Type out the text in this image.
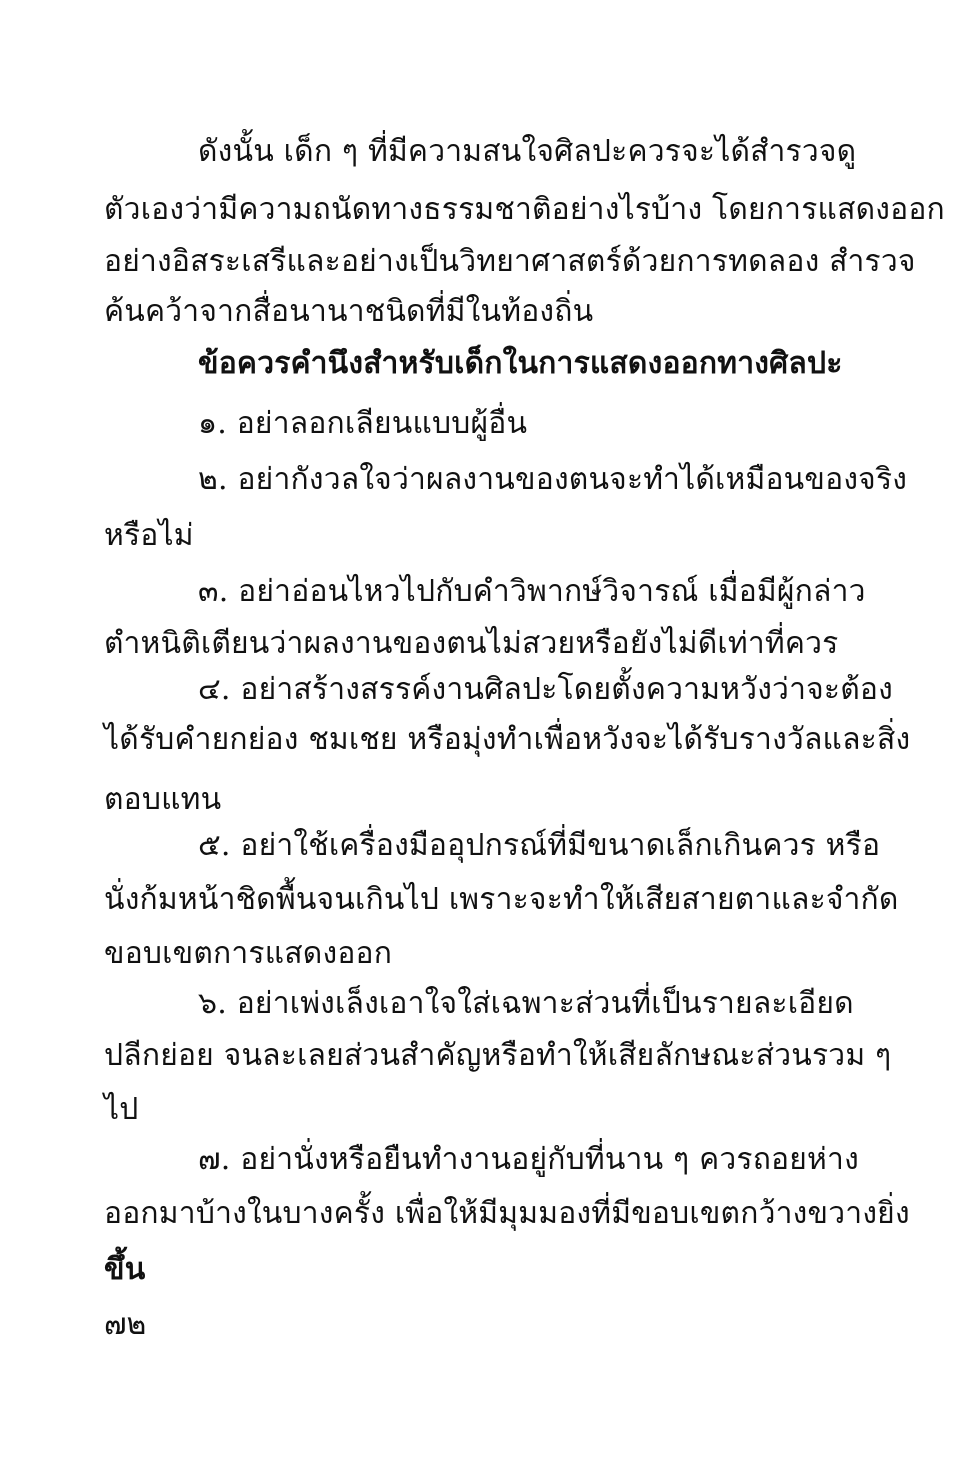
ดังนั้น เด็ก ๆ ที่มีความสนใจศิลปะควรจะได้สำรวจดู
ตัวเองว่ามีความถนัดทางธรรมชาติอย่างไรบ้าง โดยการแสดงออก
อย่างอิสระเสรีและอย่างเป็นวิทยาศาสตร์ด้วยการทดลอง สำรวจ
ค้นคว้าจากสื่อนานาชนิดที่มีในท้องถิ่น
ข้อควรคำนึงสำหรับเด็กในการแสดงออกทางศิลปะ
๑. อย่าลอกเลียนแบบผู้อื่น
๒. อย่ากังวลใจว่าผลงานของตนจะทำได้เหมือนของจริง
หรือไม่
๓. อย่าอ่อนไหวไปกับคำวิพากษ์วิจารณ์ เมื่อมีผู้กล่าว
ตำหนิติเตียนว่าผลงานของตนไม่สวยหรือยังไม่ดีเท่าที่ควร
๔. อย่าสร้างสรรค์งานศิลปะโดยตั้งความหวังว่าจะต้อง
ได้รับคำยกย่อง ชมเชย หรือมุ่งทำเพื่อหวังจะได้รับรางวัลและสิ่ง
ตอบแทน
๕. อย่าใช้เครื่องมืออุปกรณ์ที่มีขนาดเล็กเกินควร หรือ
นั่งก้มหน้าชิดพื้นจนเกินไป เพราะจะทำให้เสียสายตาและจำกัด
ขอบเขตการแสดงออก
๖. อย่าเพ่งเล็งเอาใจใส่เฉพาะส่วนที่เป็นรายละเอียด
ปลีกย่อย จนละเลยส่วนสำคัญหรือทำให้เสียลักษณะส่วนรวม ๆ
ไป
๗. อย่านั่งหรือยืนทำงานอยู่กับที่นาน ๆ ควรถอยห่าง
ออกมาบ้างในบางครั้ง เพื่อให้มีมุมมองที่มีขอบเขตกว้างขวางยิ่ง
ขึ้น
๗๒
